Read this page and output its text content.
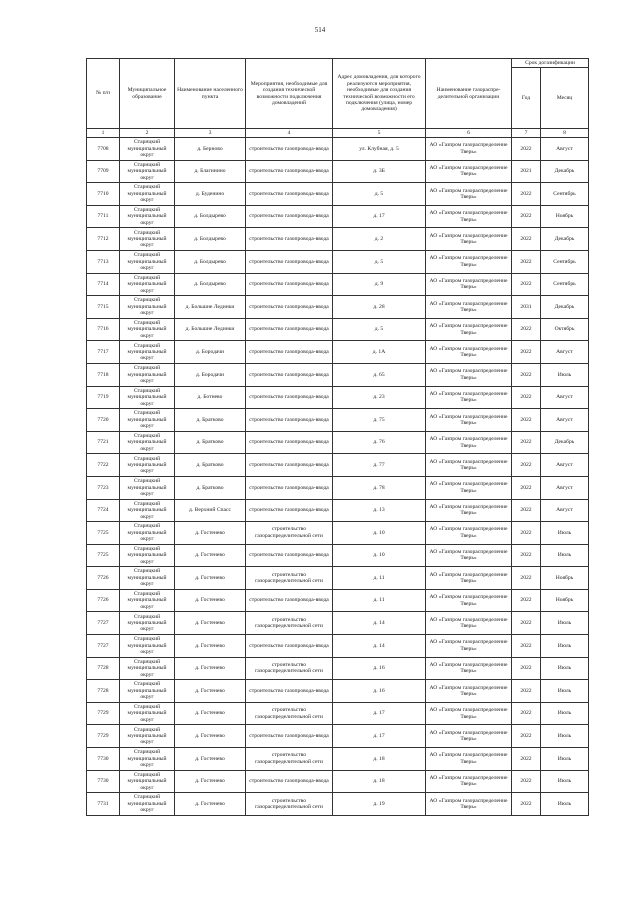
514
№ п/п	Муниципальное образование	Наименование населенного пункта	Мероприятия, необходимые для создания технической возможности подключения домовладений	Адрес домовладения, для которого реализуются мероприятия, необходимые для создания технической возможности его подключения (улица, номер домовладения)	Наименование газораспре-делительной организации	Срок догазификации	
						Год	Месяц
1	2	3	4	5	6	7	8
7708	Старицкий муниципальный округ	д. Берново	строительство газопровода-ввода	ул. Клубная, д. 5	АО «Газпром газораспределение Тверь»	2022	Август
7709	Старицкий муниципальный округ	д. Благинино	строительство газопровода-ввода	д. 3Б	АО «Газпром газораспределение Тверь»	2021	Декабрь
7710	Старицкий муниципальный округ	д. Буденино	строительство газопровода-ввода	д. 5	АО «Газпром газораспределение Тверь»	2022	Сентябрь
7711	Старицкий муниципальный округ	д. Болдырево	строительство газопровода-ввода	д. 17	АО «Газпром газораспределение Тверь»	2022	Ноябрь
7712	Старицкий муниципальный округ	д. Болдырево	строительство газопровода-ввода	д. 2	АО «Газпром газораспределение Тверь»	2022	Декабрь
7713	Старицкий муниципальный округ	д. Болдырево	строительство газопровода-ввода	д. 5	АО «Газпром газораспределение Тверь»	2022	Сентябрь
7714	Старицкий муниципальный округ	д. Болдырево	строительство газопровода-ввода	д. 9	АО «Газпром газораспределение Тверь»	2022	Сентябрь
7715	Старицкий муниципальный округ	д. Большие Лединки	строительство газопровода-ввода	д. 28	АО «Газпром газораспределение Тверь»	2031	Декабрь
7716	Старицкий муниципальный округ	д. Большие Лединки	строительство газопровода-ввода	д. 5	АО «Газпром газораспределение Тверь»	2022	Октябрь
7717	Старицкий муниципальный округ	д. Бородачи	строительство газопровода-ввода	д. 1А	АО «Газпром газораспределение Тверь»	2022	Август
7718	Старицкий муниципальный округ	д. Бородачи	строительство газопровода-ввода	д. 65	АО «Газпром газораспределение Тверь»	2022	Июль
7719	Старицкий муниципальный округ	д. Ботнево	строительство газопровода-ввода	д. 23	АО «Газпром газораспределение Тверь»	2022	Август
7720	Старицкий муниципальный округ	д. Братково	строительство газопровода-ввода	д. 75	АО «Газпром газораспределение Тверь»	2022	Август
7721	Старицкий муниципальный округ	д. Братково	строительство газопровода-ввода	д. 76	АО «Газпром газораспределение Тверь»	2022	Декабрь
7722	Старицкий муниципальный округ	д. Братково	строительство газопровода-ввода	д. 77	АО «Газпром газораспределение Тверь»	2022	Август
7723	Старицкий муниципальный округ	д. Братково	строительство газопровода-ввода	д. 78	АО «Газпром газораспределение Тверь»	2022	Август
7724	Старицкий муниципальный округ	д. Верхний Спасс	строительство газопровода-ввода	д. 13	АО «Газпром газораспределение Тверь»	2022	Август
7725	Старицкий муниципальный округ	д. Гостенево	строительство газораспределительной сети	д. 10	АО «Газпром газораспределение Тверь»	2022	Июль
7725	Старицкий муниципальный округ	д. Гостенево	строительство газопровода-ввода	д. 10	АО «Газпром газораспределение Тверь»	2022	Июль
7726	Старицкий муниципальный округ	д. Гостенево	строительство газораспределительной сети	д. 11	АО «Газпром газораспределение Тверь»	2022	Ноябрь
7726	Старицкий муниципальный округ	д. Гостенево	строительство газопровода-ввода	д. 11	АО «Газпром газораспределение Тверь»	2022	Ноябрь
7727	Старицкий муниципальный округ	д. Гостенево	строительство газораспределительной сети	д. 14	АО «Газпром газораспределение Тверь»	2022	Июль
7727	Старицкий муниципальный округ	д. Гостенево	строительство газопровода-ввода	д. 14	АО «Газпром газораспределение Тверь»	2022	Июль
7728	Старицкий муниципальный округ	д. Гостенево	строительство газораспределительной сети	д. 16	АО «Газпром газораспределение Тверь»	2022	Июль
7728	Старицкий муниципальный округ	д. Гостенево	строительство газопровода-ввода	д. 16	АО «Газпром газораспределение Тверь»	2022	Июль
7729	Старицкий муниципальный округ	д. Гостенево	строительство газораспределительной сети	д. 17	АО «Газпром газораспределение Тверь»	2022	Июль
7729	Старицкий муниципальный округ	д. Гостенево	строительство газопровода-ввода	д. 17	АО «Газпром газораспределение Тверь»	2022	Июль
7730	Старицкий муниципальный округ	д. Гостенево	строительство газораспределительной сети	д. 18	АО «Газпром газораспределение Тверь»	2022	Июль
7730	Старицкий муниципальный округ	д. Гостенево	строительство газопровода-ввода	д. 18	АО «Газпром газораспределение Тверь»	2022	Июль
7731	Старицкий муниципальный округ	д. Гостенево	строительство газораспределительной сети	д. 19	АО «Газпром газораспределение Тверь»	2022	Июль
